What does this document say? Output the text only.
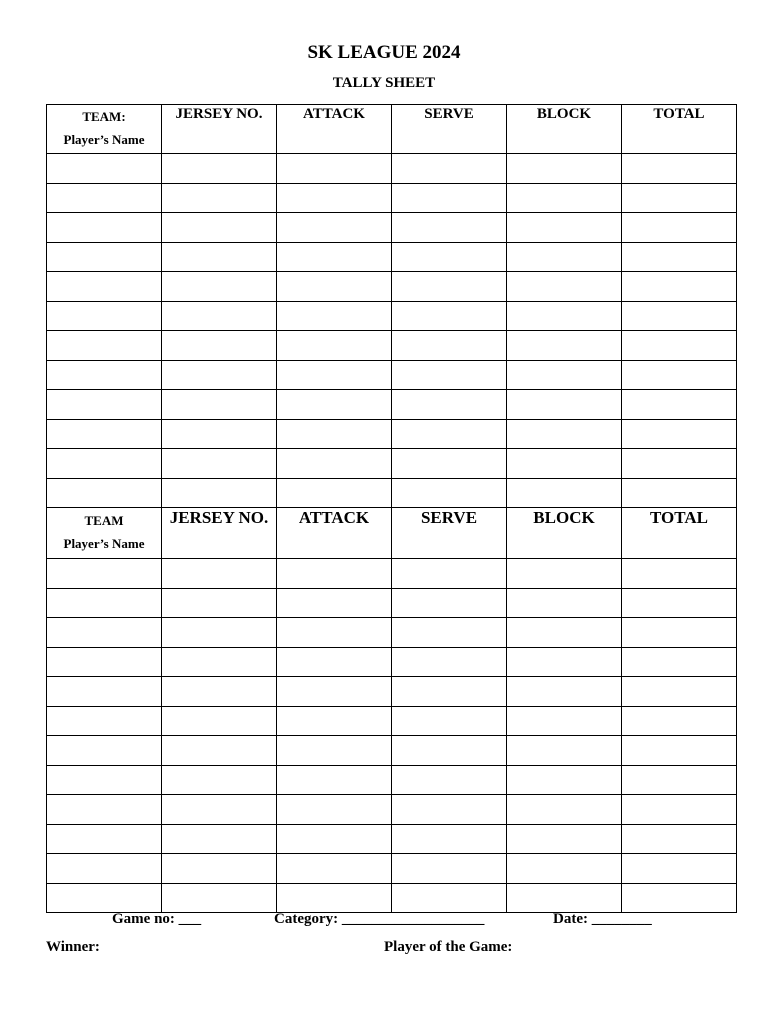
SK LEAGUE 2024
TALLY SHEET
TEAM:
Player’s Name	JERSEY NO.	ATTACK	SERVE	BLOCK	TOTAL

TEAM
Player’s Name	JERSEY NO.	ATTACK	SERVE	BLOCK	TOTAL

Game no: ___	Category: ___________________	Date: ________
Winner:	Player of the Game:
